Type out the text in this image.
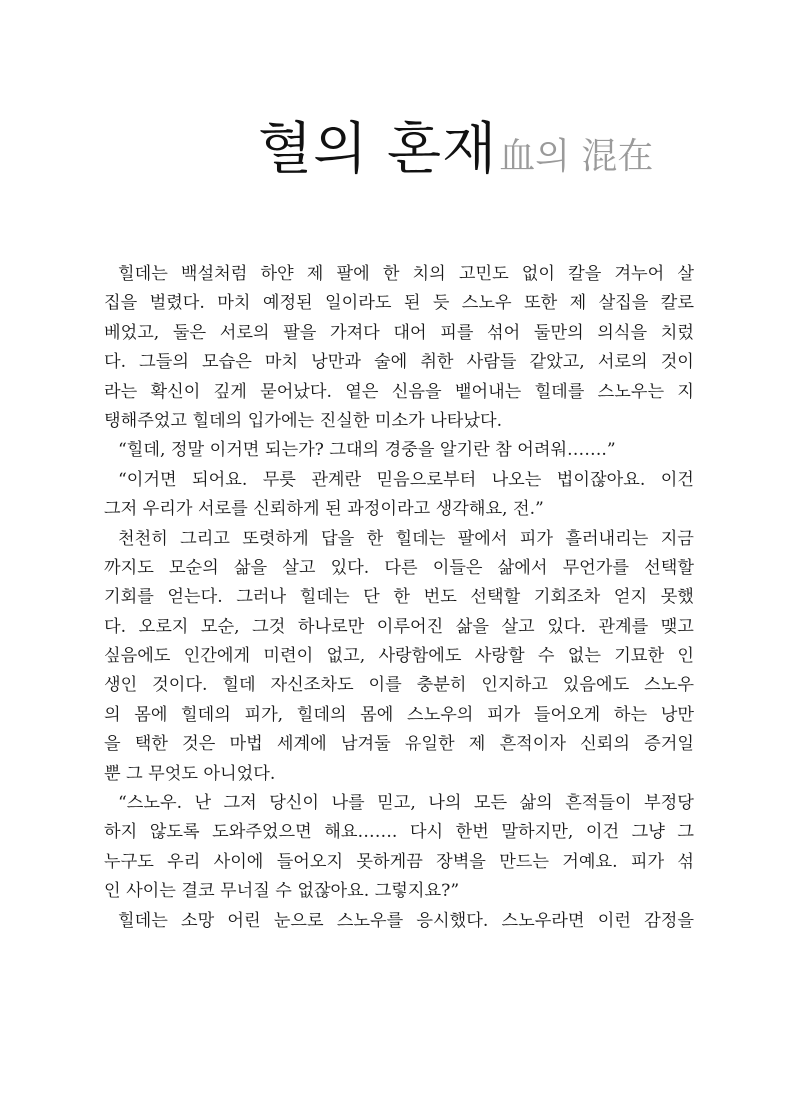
혈의 혼재血의 混在
힐데는 백설처럼 하얀 제 팔에 한 치의 고민도 없이 칼을 겨누어 살
집을 벌렸다. 마치 예정된 일이라도 된 듯 스노우 또한 제 살집을 칼로
베었고, 둘은 서로의 팔을 가져다 대어 피를 섞어 둘만의 의식을 치렀
다. 그들의 모습은 마치 낭만과 술에 취한 사람들 같았고, 서로의 것이
라는 확신이 깊게 묻어났다. 옅은 신음을 뱉어내는 힐데를 스노우는 지
탱해주었고 힐데의 입가에는 진실한 미소가 나타났다.
“힐데, 정말 이거면 되는가? 그대의 경중을 알기란 참 어려워…….”
“이거면 되어요. 무릇 관계란 믿음으로부터 나오는 법이잖아요. 이건
그저 우리가 서로를 신뢰하게 된 과정이라고 생각해요, 전.”
천천히 그리고 또렷하게 답을 한 힐데는 팔에서 피가 흘러내리는 지금
까지도 모순의 삶을 살고 있다. 다른 이들은 삶에서 무언가를 선택할
기회를 얻는다. 그러나 힐데는 단 한 번도 선택할 기회조차 얻지 못했
다. 오로지 모순, 그것 하나로만 이루어진 삶을 살고 있다. 관계를 맺고
싶음에도 인간에게 미련이 없고, 사랑함에도 사랑할 수 없는 기묘한 인
생인 것이다. 힐데 자신조차도 이를 충분히 인지하고 있음에도 스노우
의 몸에 힐데의 피가, 힐데의 몸에 스노우의 피가 들어오게 하는 낭만
을 택한 것은 마법 세계에 남겨둘 유일한 제 흔적이자 신뢰의 증거일
뿐 그 무엇도 아니었다.
“스노우. 난 그저 당신이 나를 믿고, 나의 모든 삶의 흔적들이 부정당
하지 않도록 도와주었으면 해요……. 다시 한번 말하지만, 이건 그냥 그
누구도 우리 사이에 들어오지 못하게끔 장벽을 만드는 거예요. 피가 섞
인 사이는 결코 무너질 수 없잖아요. 그렇지요?”
힐데는 소망 어린 눈으로 스노우를 응시했다. 스노우라면 이런 감정을
